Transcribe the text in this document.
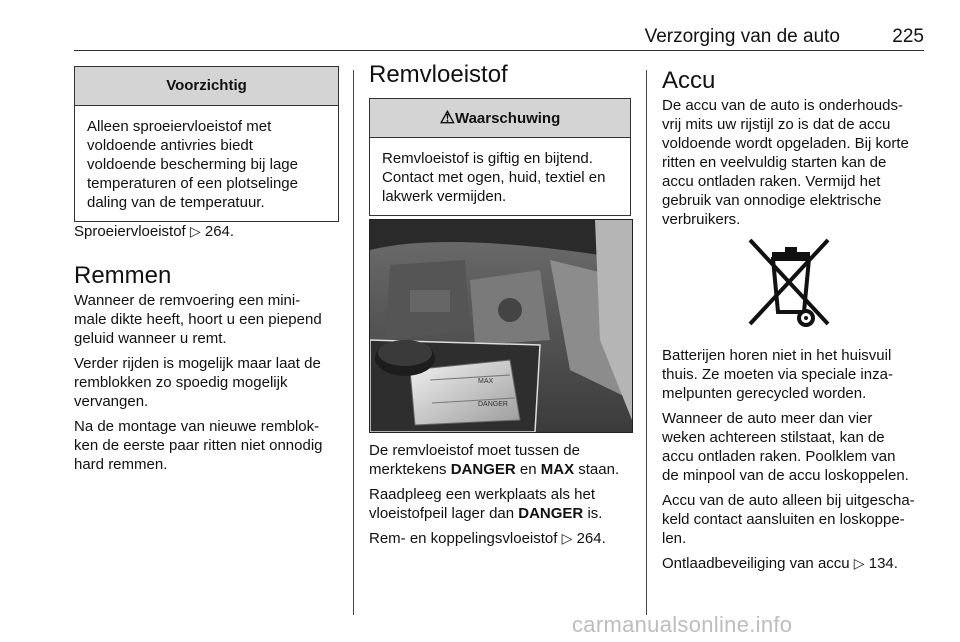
Verzorging van de auto	225
Voorzichtig
Alleen sproeiervloeistof met
voldoende antivries biedt
voldoende bescherming bij lage
temperaturen of een plotselinge
daling van de temperatuur.

Sproeiervloeistof ▷ 264.

Remmen

Wanneer de remvoering een mini-
male dikte heeft, hoort u een piepend
geluid wanneer u remt.

Verder rijden is mogelijk maar laat de
remblokken zo spoedig mogelijk
vervangen.

Na de montage van nieuwe remblok-
ken de eerste paar ritten niet onnodig
hard remmen.

Remvloeistof
⚠Waarschuwing
Remvloeistof is giftig en bijtend.
Contact met ogen, huid, textiel en
lakwerk vermijden.
MAX
DANGER

De remvloeistof moet tussen de
merktekens DANGER en MAX staan.

Raadpleeg een werkplaats als het
vloeistofpeil lager dan DANGER is.

Rem- en koppelingsvloeistof ▷ 264.

Accu

De accu van de auto is onderhouds-
vrij mits uw rijstijl zo is dat de accu
voldoende wordt opgeladen. Bij korte
ritten en veelvuldig starten kan de
accu ontladen raken. Vermijd het
gebruik van onnodige elektrische
verbruikers.

Batterijen horen niet in het huisvuil
thuis. Ze moeten via speciale inza-
melpunten gerecycled worden.

Wanneer de auto meer dan vier
weken achtereen stilstaat, kan de
accu ontladen raken. Poolklem van
de minpool van de accu loskoppelen.

Accu van de auto alleen bij uitgescha-
keld contact aansluiten en loskoppe-
len.

Ontlaadbeveiliging van accu ▷ 134.

carmanualsonline.info
